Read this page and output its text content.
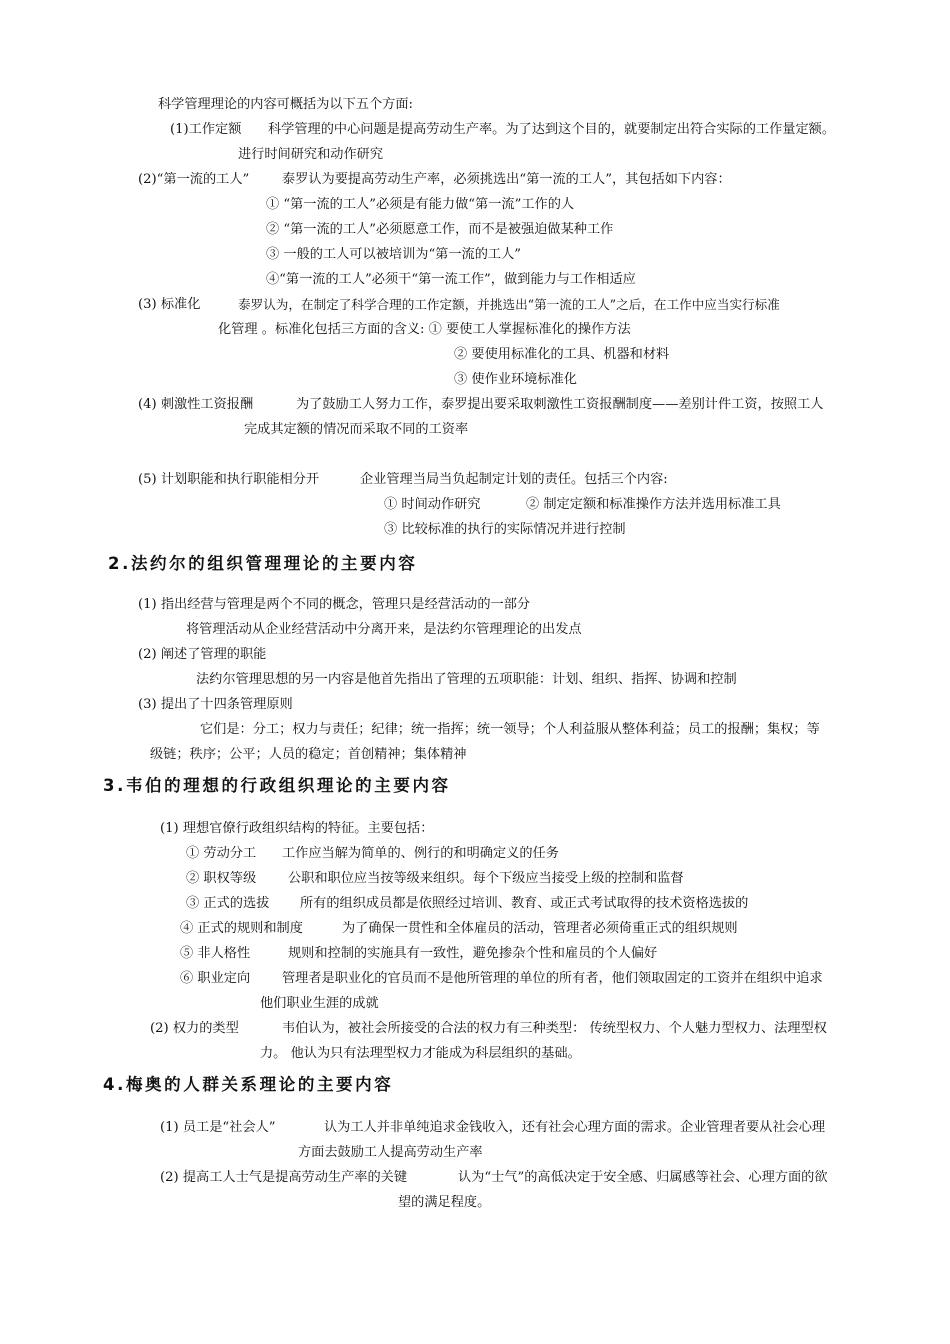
科学管理理论的内容可概括为以下五个方面:
(1)工作定额 科学管理的中心问题是提高劳动生产率。为了达到这个目的，就要制定出符合实际的工作量定额。
进行时间研究和动作研究
(2)“第一流的工人” 泰罗认为要提高劳动生产率，必须挑选出“第一流的工人”，其包括如下内容：
① “第一流的工人”必须是有能力做“第一流”工作的人
② “第一流的工人”必须愿意工作，而不是被强迫做某种工作
③ 一般的工人可以被培训为“第一流的工人”
④“第一流的工人”必须干“第一流工作”，做到能力与工作相适应
(3) 标准化	泰罗认为，在制定了科学合理的工作定额，并挑选出“第一流的工人”之后，在工作中应当实行标准
化管理 。标准化包括三方面的含义: ① 要使工人掌握标准化的操作方法
② 要使用标准化的工具、机器和材料
③ 使作业环境标准化
(4) 刺激性工资报酬	为了鼓励工人努力工作，泰罗提出要采取刺激性工资报酬制度——差别计件工资，按照工人
完成其定额的情况而采取不同的工资率
(5) 计划职能和执行职能相分开	企业管理当局当负起制定计划的责任。包括三个内容:
① 时间动作研究	② 制定定额和标准操作方法并选用标准工具
③ 比较标准的执行的实际情况并进行控制
2.法约尔的组织管理理论的主要内容
(1) 指出经营与管理是两个不同的概念，管理只是经营活动的一部分
将管理活动从企业经营活动中分离开来，是法约尔管理理论的出发点
(2) 阐述了管理的职能
法约尔管理思想的另一内容是他首先指出了管理的五项职能：计划、组织、指挥、协调和控制
(3) 提出了十四条管理原则
它们是：分工；权力与责任；纪律；统一指挥；统一领导；个人利益服从整体利益；员工的报酬；集权；等
级链；秩序；公平；人员的稳定；首创精神；集体精神
3.韦伯的理想的行政组织理论的主要内容
(1) 理想官僚行政组织结构的特征。主要包括：
① 劳动分工 工作应当解为简单的、例行的和明确定义的任务
② 职权等级 公职和职位应当按等级来组织。每个下级应当接受上级的控制和监督
③ 正式的选拔 所有的组织成员都是依照经过培训、教育、或正式考试取得的技术资格选拔的
④ 正式的规则和制度	为了确保一贯性和全体雇员的活动，管理者必须倚重正式的组织规则
⑤ 非人格性	规则和控制的实施具有一致性，避免掺杂个性和雇员的个人偏好
⑥ 职业定向 管理者是职业化的官员而不是他所管理的单位的所有者，他们领取固定的工资并在组织中追求
他们职业生涯的成就
(2) 权力的类型	韦伯认为，被社会所接受的合法的权力有三种类型： 传统型权力、个人魅力型权力、法理型权
力。 他认为只有法理型权力才能成为科层组织的基础。
4.梅奥的人群关系理论的主要内容
(1) 员工是“社会人”	认为工人并非单纯追求金钱收入，还有社会心理方面的需求。企业管理者要从社会心理
方面去鼓励工人提高劳动生产率
(2) 提高工人士气是提高劳动生产率的关键	认为“士气”的高低决定于安全感、归属感等社会、心理方面的欲
望的满足程度。
